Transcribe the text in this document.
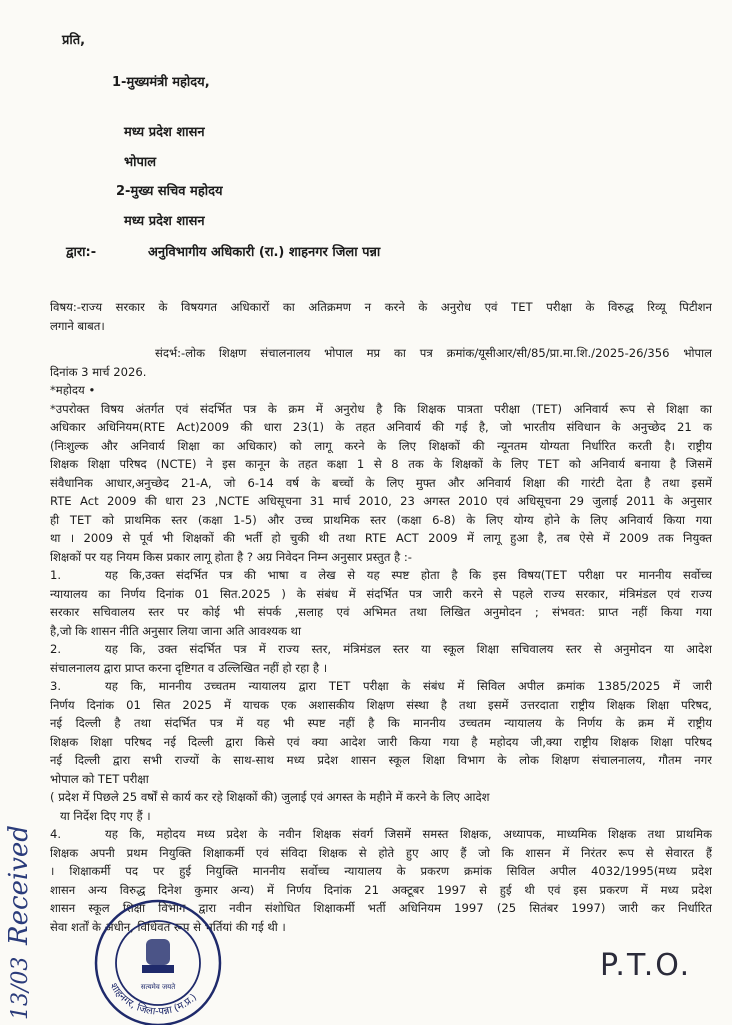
प्रति,
1-मुख्यमंत्री महोदय,
मध्य प्रदेश शासन
भोपाल
2-मुख्य सचिव महोदय
मध्य प्रदेश शासन
द्वारा:-	अनुविभागीय अधिकारी (रा.) शाहनगर जिला पन्ना
विषय:-राज्य सरकार के विषयगत अधिकारों का अतिक्रमण न करने के अनुरोध एवं TET परीक्षा के विरुद्ध रिव्यू पिटीशन
लगाने बाबत।
संदर्भ:-लोक शिक्षण संचालनालय भोपाल मप्र का पत्र क्रमांक/यूसीआर/सी/85/प्रा.मा.शि./2025-26/356 भोपाल
दिनांक 3 मार्च 2026.
*महोदय •
*उपरोक्त विषय अंतर्गत एवं संदर्भित पत्र के क्रम में अनुरोध है कि शिक्षक पात्रता परीक्षा (TET) अनिवार्य रूप से शिक्षा का
अधिकार अधिनियम(RTE Act)2009 की धारा 23(1) के तहत अनिवार्य की गई है, जो भारतीय संविधान के अनुच्छेद 21 क
(निःशुल्क और अनिवार्य शिक्षा का अधिकार) को लागू करने के लिए शिक्षकों की न्यूनतम योग्यता निर्धारित करती है। राष्ट्रीय
शिक्षक शिक्षा परिषद (NCTE) ने इस कानून के तहत कक्षा 1 से 8 तक के शिक्षकों के लिए TET को अनिवार्य बनाया है जिसमें
संवैधानिक आधार,अनुच्छेद 21-A, जो 6-14 वर्ष के बच्चों के लिए मुफ्त और अनिवार्य शिक्षा की गारंटी देता है तथा इसमें
RTE Act 2009 की धारा 23 ,NCTE अधिसूचना 31 मार्च 2010, 23 अगस्त 2010 एवं अधिसूचना 29 जुलाई 2011 के अनुसार
ही TET को प्राथमिक स्तर (कक्षा 1-5) और उच्च प्राथमिक स्तर (कक्षा 6-8) के लिए योग्य होने के लिए अनिवार्य किया गया
था । 2009 से पूर्व भी शिक्षकों की भर्ती हो चुकी थी तथा RTE ACT 2009 में लागू हुआ है, तब ऐसे में 2009 तक नियुक्त
शिक्षकों पर यह नियम किस प्रकार लागू होता है ? अग्र निवेदन निम्न अनुसार प्रस्तुत है :-
1.	यह कि,उक्त संदर्भित पत्र की भाषा व लेख से यह स्पष्ट होता है कि इस विषय(TET परीक्षा पर माननीय सर्वोच्च
न्यायालय का निर्णय दिनांक 01 सित.2025 ) के संबंध में संदर्भित पत्र जारी करने से पहले राज्य सरकार, मंत्रिमंडल एवं राज्य
सरकार सचिवालय स्तर पर कोई भी संपर्क ,सलाह एवं अभिमत तथा लिखित अनुमोदन ; संभवत: प्राप्त नहीं किया गया
है,जो कि शासन नीति अनुसार लिया जाना अति आवश्यक था
2.	यह कि, उक्त संदर्भित पत्र में राज्य स्तर, मंत्रिमंडल स्तर या स्कूल शिक्षा सचिवालय स्तर से अनुमोदन या आदेश
संचालनालय द्वारा प्राप्त करना दृष्टिगत व उल्लिखित नहीं हो रहा है ।
3.	यह कि, माननीय उच्चतम न्यायालय द्वारा TET परीक्षा के संबंध में सिविल अपील क्रमांक 1385/2025 में जारी
निर्णय दिनांक 01 सित 2025 में याचक एक अशासकीय शिक्षण संस्था है तथा इसमें उत्तरदाता राष्ट्रीय शिक्षक शिक्षा परिषद,
नई दिल्ली है तथा संदर्भित पत्र में यह भी स्पष्ट नहीं है कि माननीय उच्चतम न्यायालय के निर्णय के क्रम में राष्ट्रीय
शिक्षक शिक्षा परिषद नई दिल्ली द्वारा किसे एवं क्या आदेश जारी किया गया है महोदय जी,क्या राष्ट्रीय शिक्षक शिक्षा परिषद
नई दिल्ली द्वारा सभी राज्यों के साथ-साथ मध्य प्रदेश शासन स्कूल शिक्षा विभाग के लोक शिक्षण संचालनालय, गौतम नगर
भोपाल को TET परीक्षा
( प्रदेश में पिछले 25 वर्षों से कार्य कर रहे शिक्षकों की) जुलाई एवं अगस्त के महीने में करने के लिए आदेश
या निर्देश दिए गए हैं ।
4.	यह कि, महोदय मध्य प्रदेश के नवीन शिक्षक संवर्ग जिसमें समस्त शिक्षक, अध्यापक, माध्यमिक शिक्षक तथा प्राथमिक
शिक्षक अपनी प्रथम नियुक्ति शिक्षाकर्मी एवं संविदा शिक्षक से होते हुए आए हैं जो कि शासन में निरंतर रूप से सेवारत हैं
। शिक्षाकर्मी पद पर हुई नियुक्ति माननीय सर्वोच्च न्यायालय के प्रकरण क्रमांक सिविल अपील 4032/1995(मध्य प्रदेश
शासन अन्य विरुद्ध दिनेश कुमार अन्य) में निर्णय दिनांक 21 अक्टूबर 1997 से हुई थी एवं इस प्रकरण में मध्य प्रदेश
शासन स्कूल शिक्षा विभाग द्वारा नवीन संशोधित शिक्षाकर्मी भर्ती अधिनियम 1997 (25 सितंबर 1997) जारी कर निर्धारित
सेवा शर्तों के अधीन, विधिवत रूप से भर्तियां की गई थी ।
Received
13/03	सत्यमेव जयते
शाहनगर, जिला-पन्ना (म.प्र.)
P.T.O.
